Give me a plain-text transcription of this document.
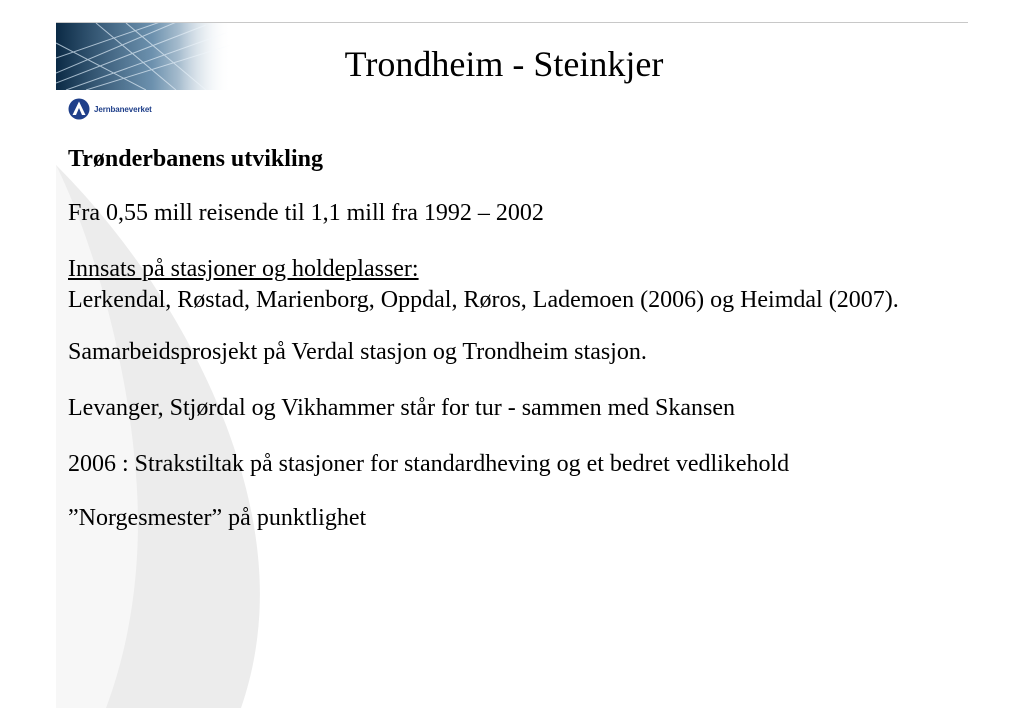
Trondheim - Steinkjer
Jernbaneverket

Trønderbanens utvikling

Fra 0,55 mill reisende til 1,1 mill fra 1992 – 2002

Innsats på stasjoner og holdeplasser:
Lerkendal, Røstad, Marienborg, Oppdal, Røros, Lademoen (2006) og Heimdal (2007).

Samarbeidsprosjekt på Verdal stasjon og Trondheim stasjon.

Levanger, Stjørdal og Vikhammer står for tur - sammen med Skansen

2006 : Strakstiltak på stasjoner for standardheving og et bedret vedlikehold

”Norgesmester” på punktlighet
